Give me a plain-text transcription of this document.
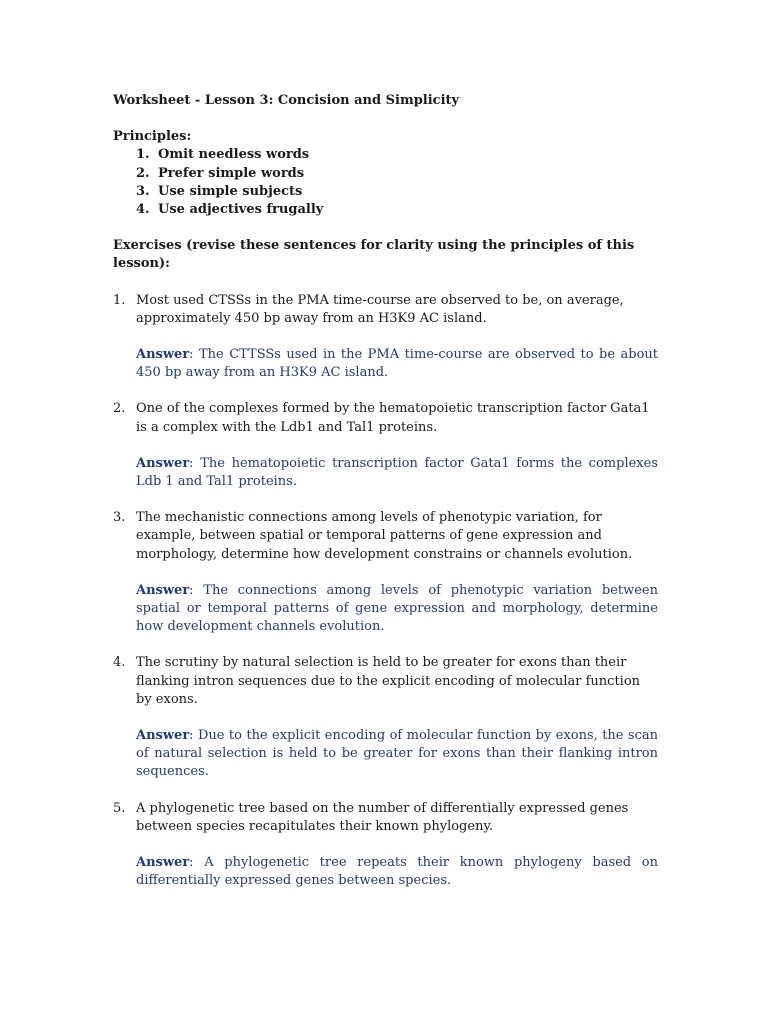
Worksheet - Lesson 3: Concision and Simplicity

Principles:
1. Omit needless words
2. Prefer simple words
3. Use simple subjects
4. Use adjectives frugally
Exercises (revise these sentences for clarity using the principles of this lesson):
1. Most used CTSSs in the PMA time-course are observed to be, on average, approximately 450 bp away from an H3K9 AC island.

Answer: The CTTSSs used in the PMA time-course are observed to be about 450 bp away from an H3K9 AC island.
2. One of the complexes formed by the hematopoietic transcription factor Gata1 is a complex with the Ldb1 and Tal1 proteins.

Answer: The hematopoietic transcription factor Gata1 forms the complexes Ldb 1 and Tal1 proteins.
3. The mechanistic connections among levels of phenotypic variation, for example, between spatial or temporal patterns of gene expression and morphology, determine how development constrains or channels evolution.

Answer: The connections among levels of phenotypic variation between spatial or temporal patterns of gene expression and morphology, determine how development channels evolution.
4. The scrutiny by natural selection is held to be greater for exons than their flanking intron sequences due to the explicit encoding of molecular function by exons.

Answer: Due to the explicit encoding of molecular function by exons, the scan of natural selection is held to be greater for exons than their flanking intron sequences.
5. A phylogenetic tree based on the number of differentially expressed genes between species recapitulates their known phylogeny.

Answer: A phylogenetic tree repeats their known phylogeny based on differentially expressed genes between species.
